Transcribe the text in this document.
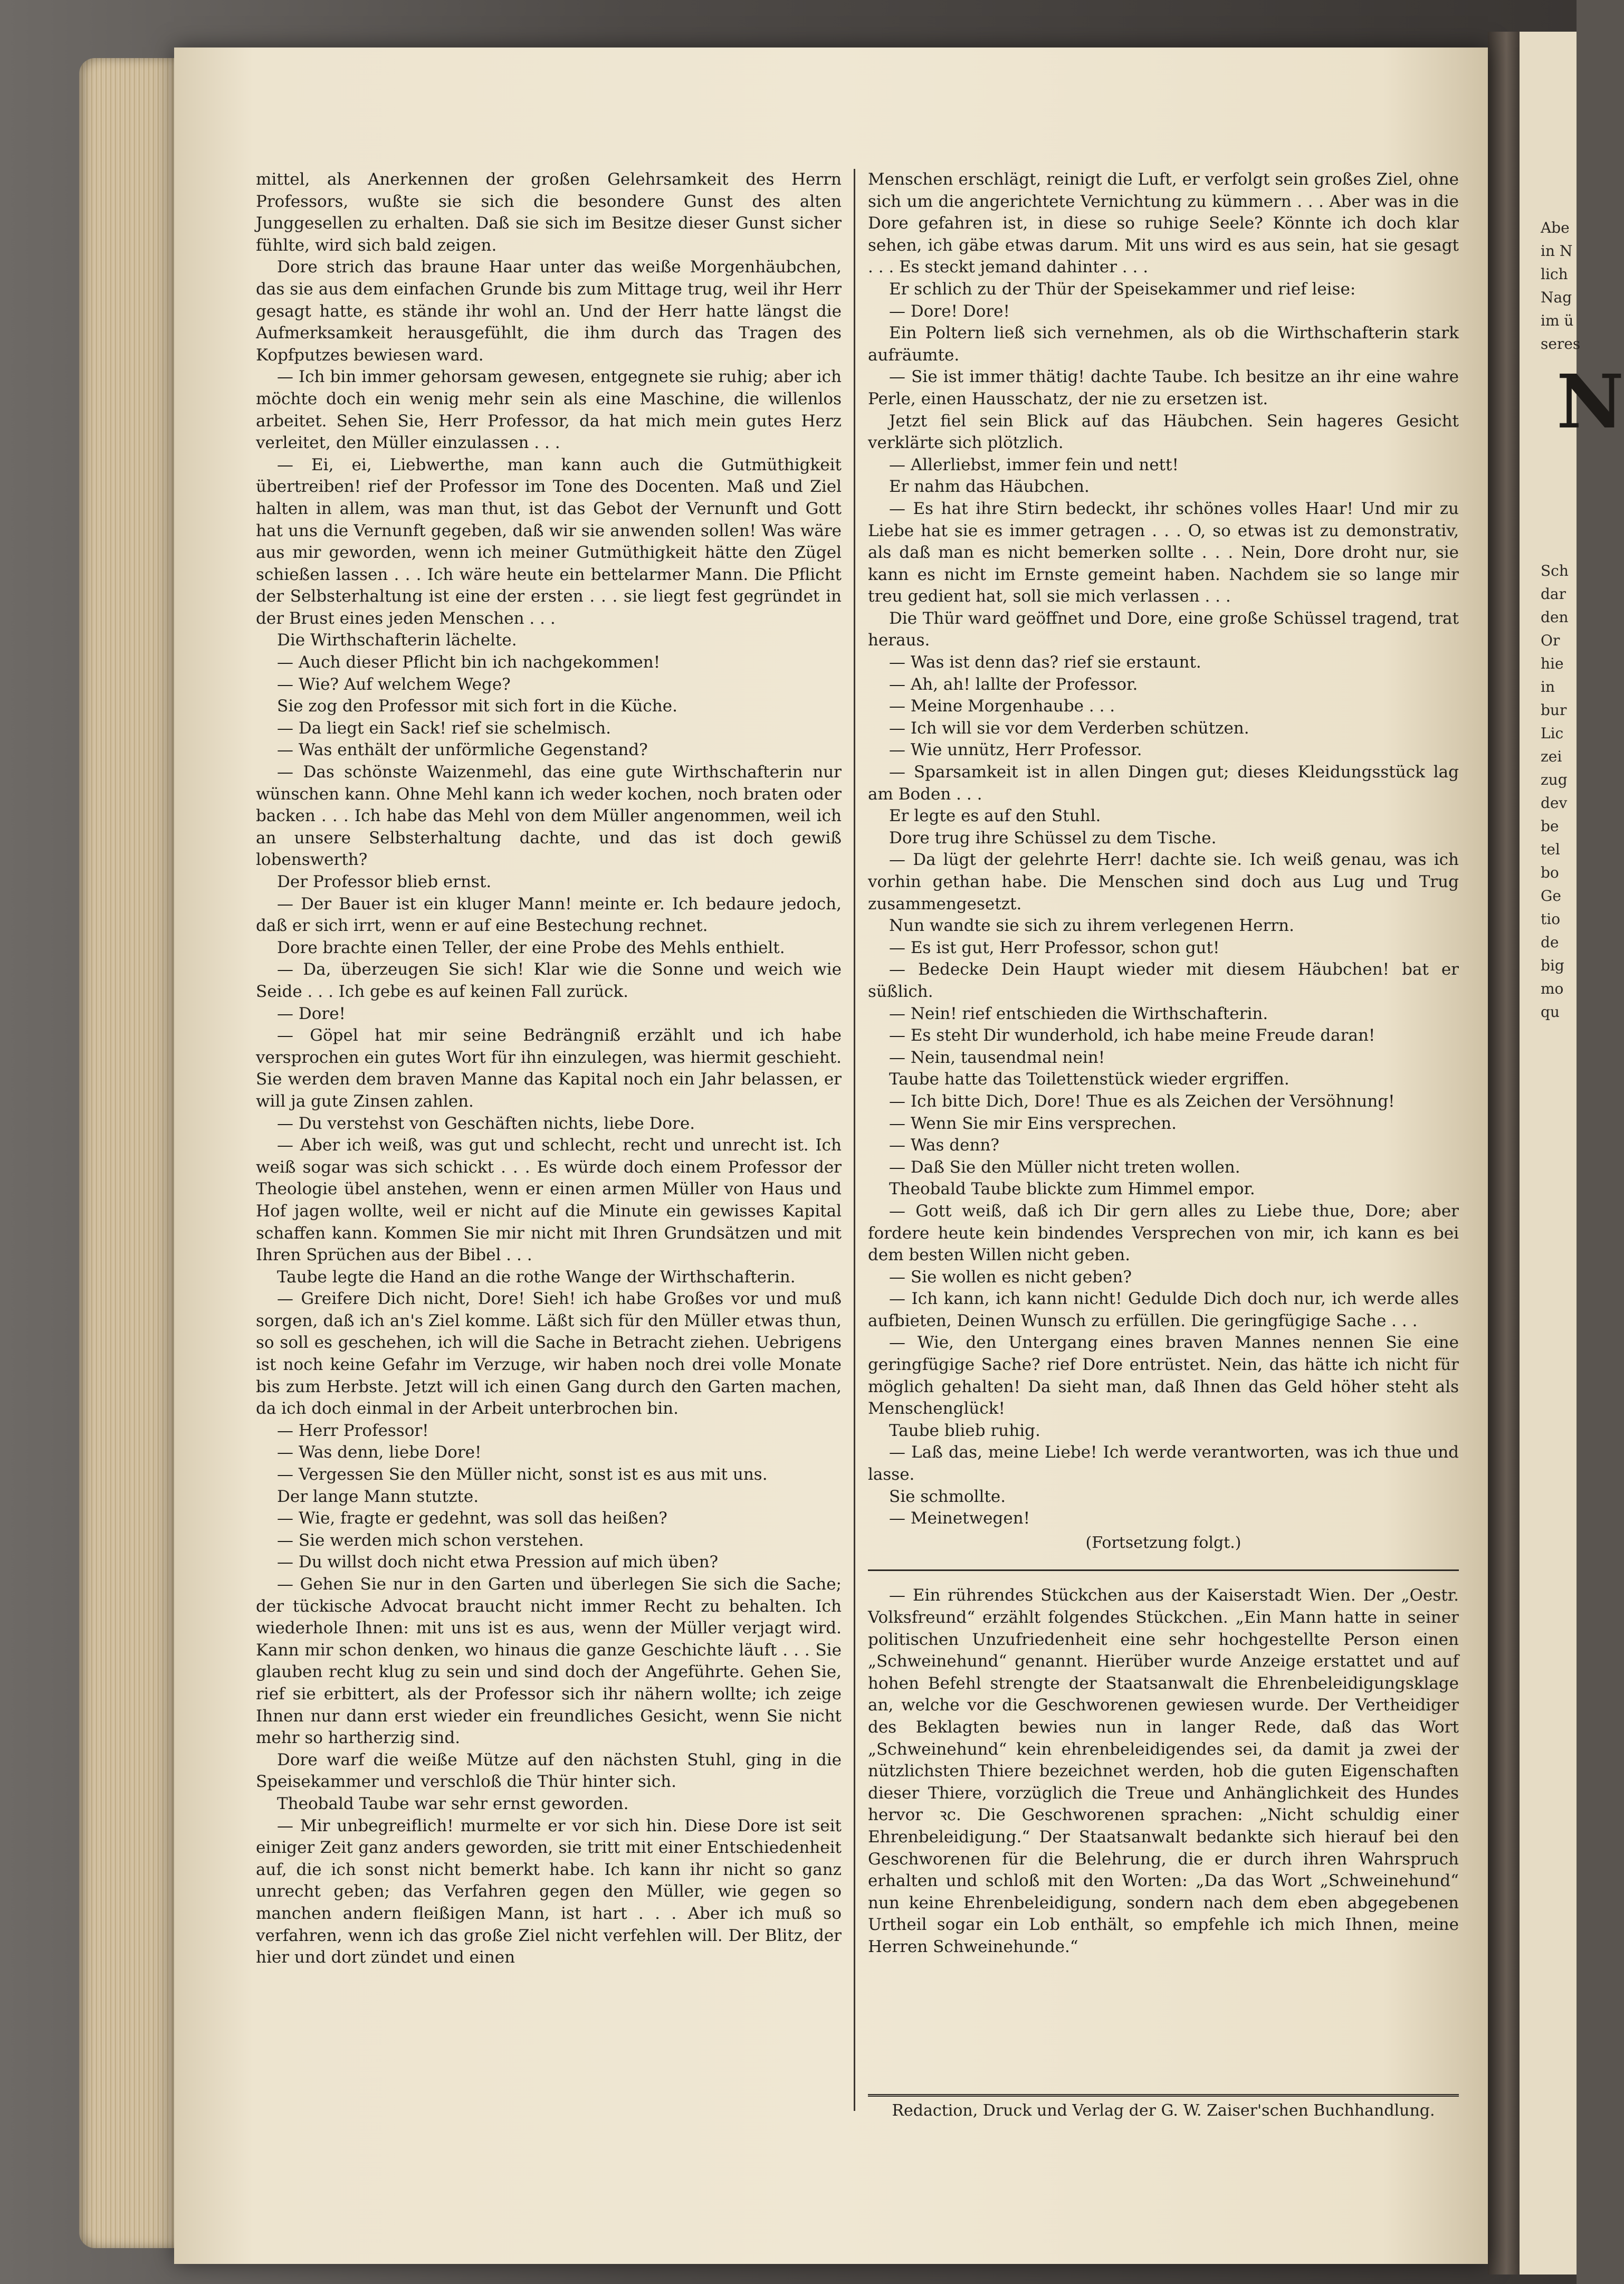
Abe
in N
lich
Nag
im ü
seres
N
Sch
dar
den
Or
hie
in
bur
Lic
zei
zug
dev
be
tel
bo
Ge
tio
de
big
mo
qu

mittel, als Anerkennen der großen Gelehrsamkeit des Herrn Professors, wußte sie sich die besondere Gunst des alten Junggesellen zu erhalten. Daß sie sich im Besitze dieser Gunst sicher fühlte, wird sich bald zeigen.

Dore strich das braune Haar unter das weiße Morgenhäubchen, das sie aus dem einfachen Grunde bis zum Mittage trug, weil ihr Herr gesagt hatte, es stände ihr wohl an. Und der Herr hatte längst die Aufmerksamkeit herausgefühlt, die ihm durch das Tragen des Kopfputzes bewiesen ward.

— Ich bin immer gehorsam gewesen, entgegnete sie ruhig; aber ich möchte doch ein wenig mehr sein als eine Maschine, die willenlos arbeitet. Sehen Sie, Herr Professor, da hat mich mein gutes Herz verleitet, den Müller einzulassen . . .

— Ei, ei, Liebwerthe, man kann auch die Gutmüthigkeit übertreiben! rief der Professor im Tone des Docenten. Maß und Ziel halten in allem, was man thut, ist das Gebot der Vernunft und Gott hat uns die Vernunft gegeben, daß wir sie anwenden sollen! Was wäre aus mir geworden, wenn ich meiner Gutmüthigkeit hätte den Zügel schießen lassen . . . Ich wäre heute ein bettelarmer Mann. Die Pflicht der Selbsterhaltung ist eine der ersten . . . sie liegt fest gegründet in der Brust eines jeden Menschen . . .

Die Wirthschafterin lächelte.

— Auch dieser Pflicht bin ich nachgekommen!

— Wie? Auf welchem Wege?

Sie zog den Professor mit sich fort in die Küche.

— Da liegt ein Sack! rief sie schelmisch.

— Was enthält der unförmliche Gegenstand?

— Das schönste Waizenmehl, das eine gute Wirthschafterin nur wünschen kann. Ohne Mehl kann ich weder kochen, noch braten oder backen . . . Ich habe das Mehl von dem Müller angenommen, weil ich an unsere Selbsterhaltung dachte, und das ist doch gewiß lobenswerth?

Der Professor blieb ernst.

— Der Bauer ist ein kluger Mann! meinte er. Ich bedaure jedoch, daß er sich irrt, wenn er auf eine Bestechung rechnet.

Dore brachte einen Teller, der eine Probe des Mehls enthielt.

— Da, überzeugen Sie sich! Klar wie die Sonne und weich wie Seide . . . Ich gebe es auf keinen Fall zurück.

— Dore!

— Göpel hat mir seine Bedrängniß erzählt und ich habe versprochen ein gutes Wort für ihn einzulegen, was hiermit geschieht. Sie werden dem braven Manne das Kapital noch ein Jahr belassen, er will ja gute Zinsen zahlen.

— Du verstehst von Geschäften nichts, liebe Dore.

— Aber ich weiß, was gut und schlecht, recht und unrecht ist. Ich weiß sogar was sich schickt . . . Es würde doch einem Professor der Theologie übel anstehen, wenn er einen armen Müller von Haus und Hof jagen wollte, weil er nicht auf die Minute ein gewisses Kapital schaffen kann. Kommen Sie mir nicht mit Ihren Grundsätzen und mit Ihren Sprüchen aus der Bibel . . .

Taube legte die Hand an die rothe Wange der Wirthschafterin.

— Greifere Dich nicht, Dore! Sieh! ich habe Großes vor und muß sorgen, daß ich an's Ziel komme. Läßt sich für den Müller etwas thun, so soll es geschehen, ich will die Sache in Betracht ziehen. Uebrigens ist noch keine Gefahr im Verzuge, wir haben noch drei volle Monate bis zum Herbste. Jetzt will ich einen Gang durch den Garten machen, da ich doch einmal in der Arbeit unterbrochen bin.

— Herr Professor!

— Was denn, liebe Dore!

— Vergessen Sie den Müller nicht, sonst ist es aus mit uns.

Der lange Mann stutzte.

— Wie, fragte er gedehnt, was soll das heißen?

— Sie werden mich schon verstehen.

— Du willst doch nicht etwa Pression auf mich üben?

— Gehen Sie nur in den Garten und überlegen Sie sich die Sache; der tückische Advocat braucht nicht immer Recht zu behalten. Ich wiederhole Ihnen: mit uns ist es aus, wenn der Müller verjagt wird. Kann mir schon denken, wo hinaus die ganze Geschichte läuft . . . Sie glauben recht klug zu sein und sind doch der Angeführte. Gehen Sie, rief sie erbittert, als der Professor sich ihr nähern wollte; ich zeige Ihnen nur dann erst wieder ein freundliches Gesicht, wenn Sie nicht mehr so hartherzig sind.

Dore warf die weiße Mütze auf den nächsten Stuhl, ging in die Speisekammer und verschloß die Thür hinter sich.

Theobald Taube war sehr ernst geworden.

— Mir unbegreiflich! murmelte er vor sich hin. Diese Dore ist seit einiger Zeit ganz anders geworden, sie tritt mit einer Entschiedenheit auf, die ich sonst nicht bemerkt habe. Ich kann ihr nicht so ganz unrecht geben; das Verfahren gegen den Müller, wie gegen so manchen andern fleißigen Mann, ist hart . . . Aber ich muß so verfahren, wenn ich das große Ziel nicht verfehlen will. Der Blitz, der hier und dort zündet und einen

Menschen erschlägt, reinigt die Luft, er verfolgt sein großes Ziel, ohne sich um die angerichtete Vernichtung zu kümmern . . . Aber was in die Dore gefahren ist, in diese so ruhige Seele? Könnte ich doch klar sehen, ich gäbe etwas darum. Mit uns wird es aus sein, hat sie gesagt . . . Es steckt jemand dahinter . . .

Er schlich zu der Thür der Speisekammer und rief leise:

— Dore! Dore!

Ein Poltern ließ sich vernehmen, als ob die Wirthschafterin stark aufräumte.

— Sie ist immer thätig! dachte Taube. Ich besitze an ihr eine wahre Perle, einen Hausschatz, der nie zu ersetzen ist.

Jetzt fiel sein Blick auf das Häubchen. Sein hageres Gesicht verklärte sich plötzlich.

— Allerliebst, immer fein und nett!

Er nahm das Häubchen.

— Es hat ihre Stirn bedeckt, ihr schönes volles Haar! Und mir zu Liebe hat sie es immer getragen . . . O, so etwas ist zu demonstrativ, als daß man es nicht bemerken sollte . . . Nein, Dore droht nur, sie kann es nicht im Ernste gemeint haben. Nachdem sie so lange mir treu gedient hat, soll sie mich verlassen . . .

Die Thür ward geöffnet und Dore, eine große Schüssel tragend, trat heraus.

— Was ist denn das? rief sie erstaunt.

— Ah, ah! lallte der Professor.

— Meine Morgenhaube . . .

— Ich will sie vor dem Verderben schützen.

— Wie unnütz, Herr Professor.

— Sparsamkeit ist in allen Dingen gut; dieses Kleidungsstück lag am Boden . . .

Er legte es auf den Stuhl.

Dore trug ihre Schüssel zu dem Tische.

— Da lügt der gelehrte Herr! dachte sie. Ich weiß genau, was ich vorhin gethan habe. Die Menschen sind doch aus Lug und Trug zusammengesetzt.

Nun wandte sie sich zu ihrem verlegenen Herrn.

— Es ist gut, Herr Professor, schon gut!

— Bedecke Dein Haupt wieder mit diesem Häubchen! bat er süßlich.

— Nein! rief entschieden die Wirthschafterin.

— Es steht Dir wunderhold, ich habe meine Freude daran!

— Nein, tausendmal nein!

Taube hatte das Toilettenstück wieder ergriffen.

— Ich bitte Dich, Dore! Thue es als Zeichen der Versöhnung!

— Wenn Sie mir Eins versprechen.

— Was denn?

— Daß Sie den Müller nicht treten wollen.

Theobald Taube blickte zum Himmel empor.

— Gott weiß, daß ich Dir gern alles zu Liebe thue, Dore; aber fordere heute kein bindendes Versprechen von mir, ich kann es bei dem besten Willen nicht geben.

— Sie wollen es nicht geben?

— Ich kann, ich kann nicht! Gedulde Dich doch nur, ich werde alles aufbieten, Deinen Wunsch zu erfüllen. Die geringfügige Sache . . .

— Wie, den Untergang eines braven Mannes nennen Sie eine geringfügige Sache? rief Dore entrüstet. Nein, das hätte ich nicht für möglich gehalten! Da sieht man, daß Ihnen das Geld höher steht als Menschenglück!

Taube blieb ruhig.

— Laß das, meine Liebe! Ich werde verantworten, was ich thue und lasse.

Sie schmollte.

— Meinetwegen!

(Fortsetzung folgt.)

— Ein rührendes Stückchen aus der Kaiserstadt Wien. Der „Oestr. Volksfreund“ erzählt folgendes Stückchen. „Ein Mann hatte in seiner politischen Unzufriedenheit eine sehr hochgestellte Person einen „Schweinehund“ genannt. Hierüber wurde Anzeige erstattet und auf hohen Befehl strengte der Staatsanwalt die Ehrenbeleidigungsklage an, welche vor die Geschworenen gewiesen wurde. Der Vertheidiger des Beklagten bewies nun in langer Rede, daß das Wort „Schweinehund“ kein ehrenbeleidigendes sei, da damit ja zwei der nützlichsten Thiere bezeichnet werden, hob die guten Eigenschaften dieser Thiere, vorzüglich die Treue und Anhänglichkeit des Hundes hervor ꝛc. Die Geschworenen sprachen: „Nicht schuldig einer Ehrenbeleidigung.“ Der Staatsanwalt bedankte sich hierauf bei den Geschworenen für die Belehrung, die er durch ihren Wahrspruch erhalten und schloß mit den Worten: „Da das Wort „Schweinehund“ nun keine Ehrenbeleidigung, sondern nach dem eben abgegebenen Urtheil sogar ein Lob enthält, so empfehle ich mich Ihnen, meine Herren Schweinehunde.“

Redaction, Druck und Verlag der G. W. Zaiser'schen Buchhandlung.
